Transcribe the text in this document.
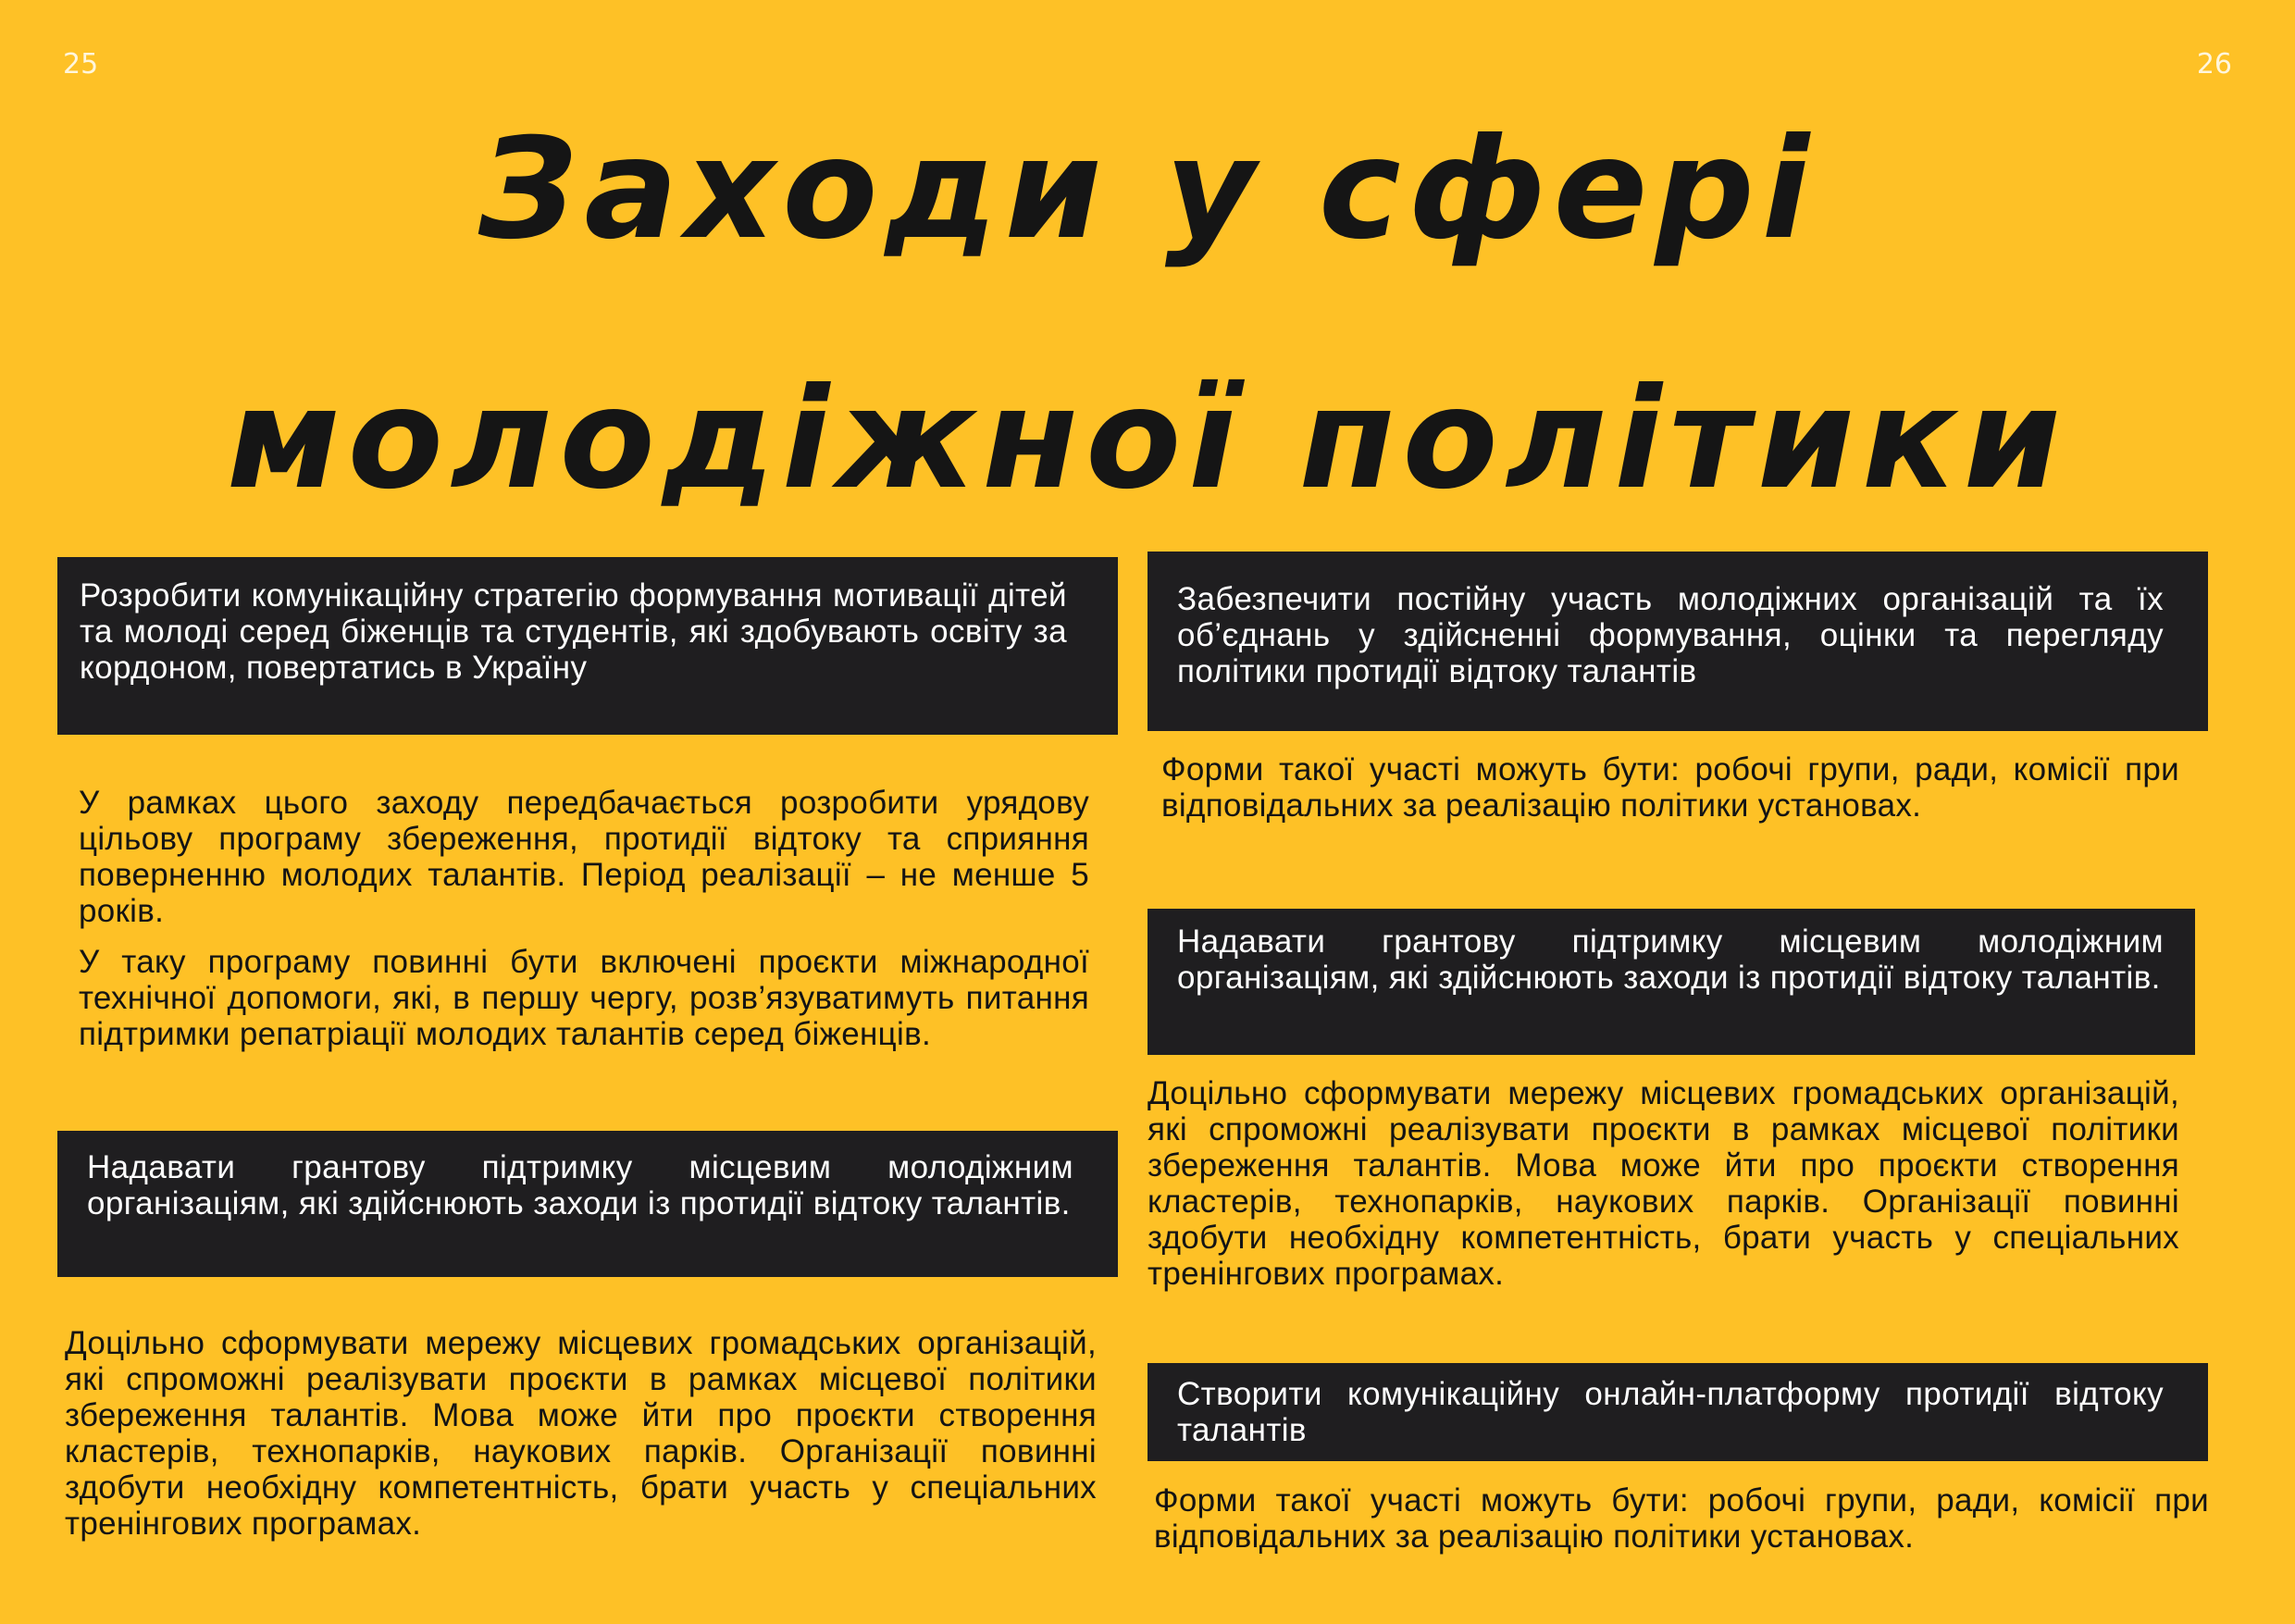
25	26
Заходи у сфері
молодіжної політики
Розробити комунікаційну стратегію формування мотивації дітей та молоді серед біженців та студентів, які здобувають освіту за кордоном, повертатись в Україну

У рамках цього заходу передбачається розробити урядову цільову програму збереження, протидії відтоку та сприяння поверненню молодих талантів. Період реалізації – не менше 5 років.

У таку програму повинні бути включені проєкти міжнародної технічної допомоги, які, в першу чергу, розв’язуватимуть питання підтримки репатріації молодих талантів серед біженців.

Надавати грантову підтримку місцевим молодіжним організаціям, які здійснюють заходи із протидії відтоку талантів.

Доцільно сформувати мережу місцевих громадських організацій, які спроможні реалізувати проєкти в рамках місцевої політики збереження талантів. Мова може йти про проєкти створення кластерів, технопарків, наукових парків. Організації повинні здобути необхідну компетентність, брати участь у спеціальних тренінгових програмах.

Забезпечити постійну участь молодіжних організацій та їх об’єднань у здійсненні формування, оцінки та перегляду політики протидії відтоку талантів

Форми такої участі можуть бути: робочі групи, ради, комісії при відповідальних за реалізацію політики установах.

Надавати грантову підтримку місцевим молодіжним організаціям, які здійснюють заходи із протидії відтоку талантів.

Доцільно сформувати мережу місцевих громадських організацій, які спроможні реалізувати проєкти в рамках місцевої політики збереження талантів. Мова може йти про проєкти створення кластерів, технопарків, наукових парків. Організації повинні здобути необхідну компетентність, брати участь у спеціальних тренінгових програмах.

Створити комунікаційну онлайн-платформу протидії відтоку талантів

Форми такої участі можуть бути: робочі групи, ради, комісії при відповідальних за реалізацію політики установах.
